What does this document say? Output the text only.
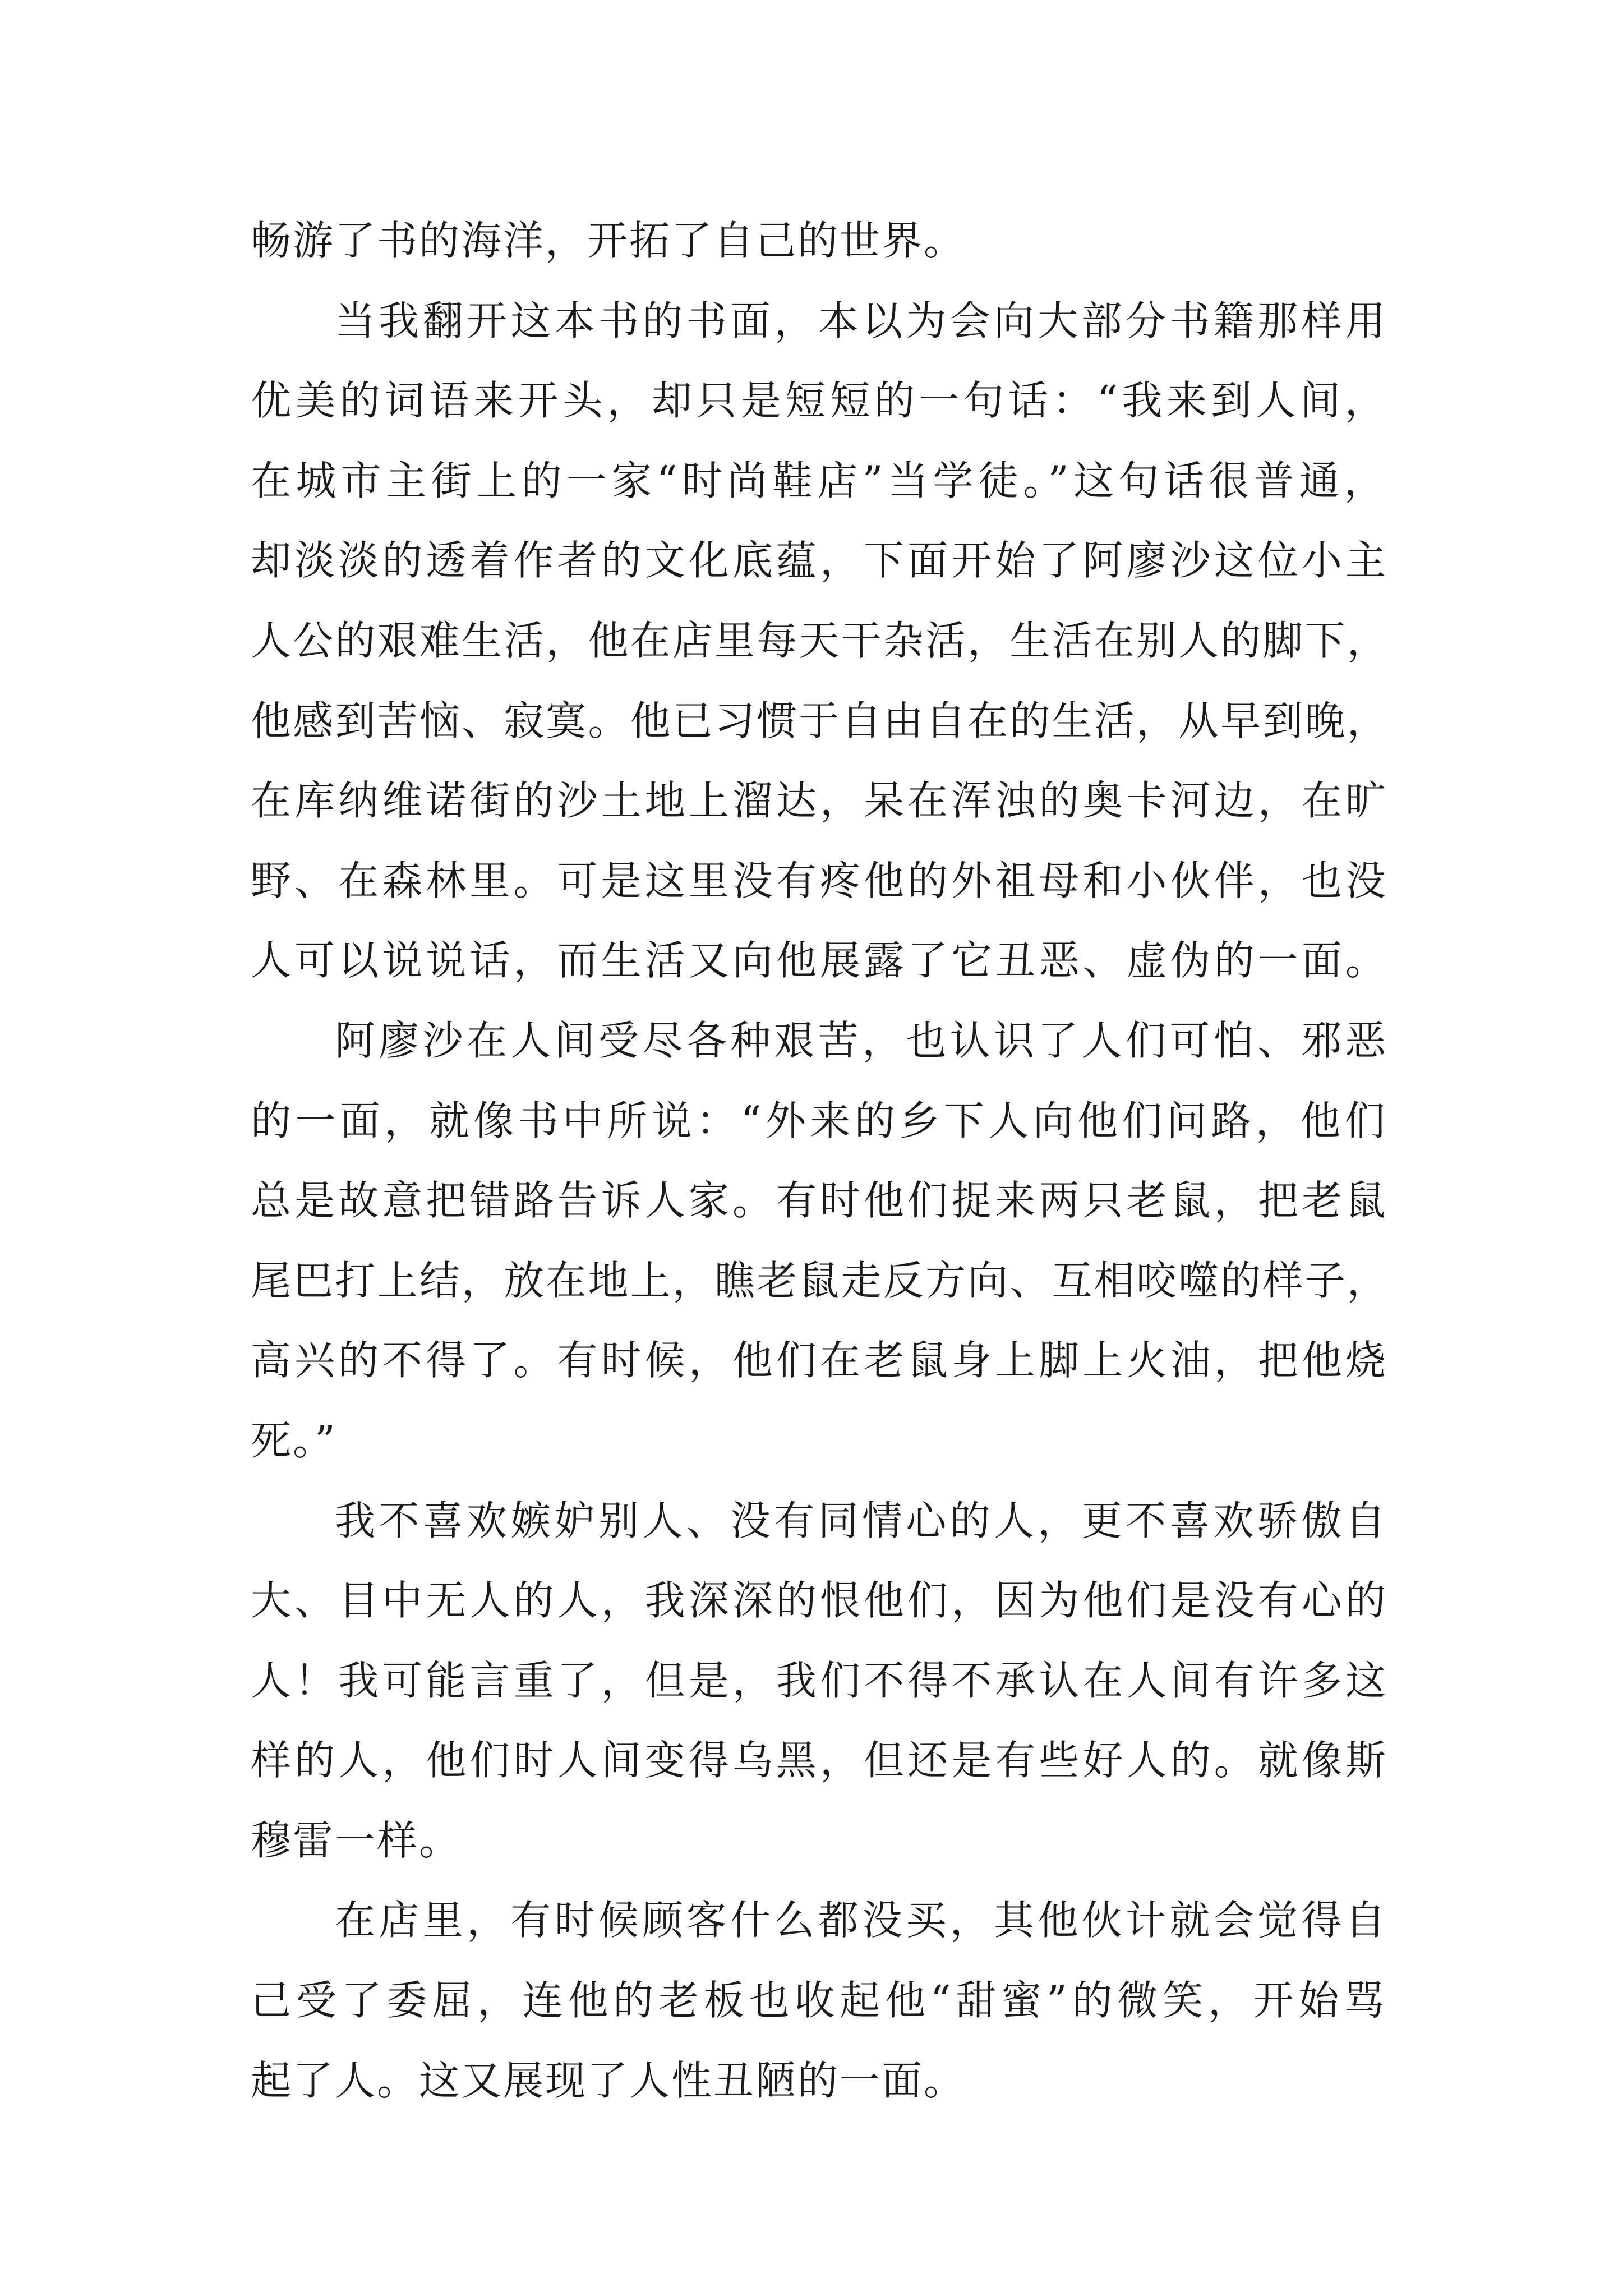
畅游了书的海洋，开拓了自己的世界。
当我翻开这本书的书面，本以为会向大部分书籍那样用
优美的词语来开头，却只是短短的一句话：“我来到人间，
在城市主街上的一家“时尚鞋店”当学徒。”这句话很普通，
却淡淡的透着作者的文化底蕴，下面开始了阿廖沙这位小主
人公的艰难生活，他在店里每天干杂活，生活在别人的脚下，
他感到苦恼、寂寞。他已习惯于自由自在的生活，从早到晚，
在库纳维诺街的沙土地上溜达，呆在浑浊的奥卡河边，在旷
野、在森林里。可是这里没有疼他的外祖母和小伙伴，也没
人可以说说话，而生活又向他展露了它丑恶、虚伪的一面。
阿廖沙在人间受尽各种艰苦，也认识了人们可怕、邪恶
的一面，就像书中所说：“外来的乡下人向他们问路，他们
总是故意把错路告诉人家。有时他们捉来两只老鼠，把老鼠
尾巴打上结，放在地上，瞧老鼠走反方向、互相咬噬的样子，
高兴的不得了。有时候，他们在老鼠身上脚上火油，把他烧
死。”
我不喜欢嫉妒别人、没有同情心的人，更不喜欢骄傲自
大、目中无人的人，我深深的恨他们，因为他们是没有心的
人！我可能言重了，但是，我们不得不承认在人间有许多这
样的人，他们时人间变得乌黑，但还是有些好人的。就像斯
穆雷一样。
在店里，有时候顾客什么都没买，其他伙计就会觉得自
己受了委屈，连他的老板也收起他“甜蜜”的微笑，开始骂
起了人。这又展现了人性丑陋的一面。
